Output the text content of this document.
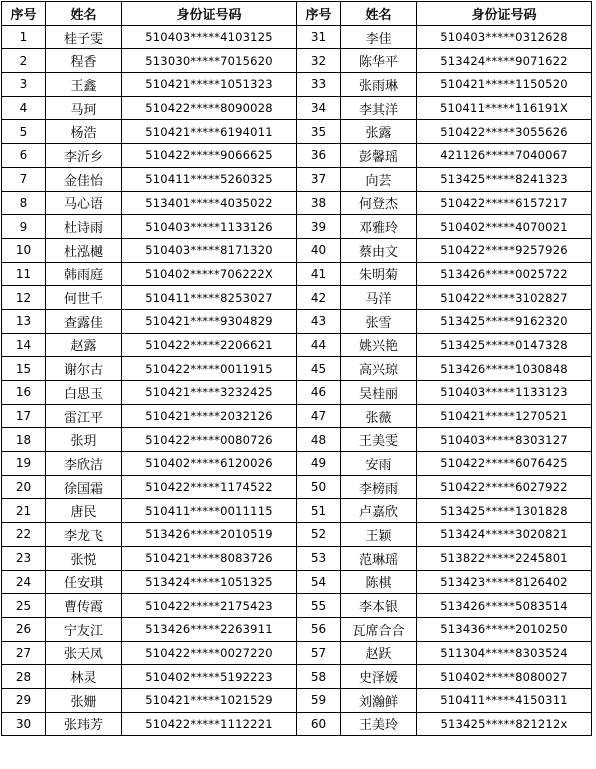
序号	姓名	身份证号码	序号	姓名	身份证号码
1	桂子雯	510403*****4103125	31	李佳	510403*****0312628
2	程香	513030*****7015620	32	陈华平	513424*****9071622
3	王鑫	510421*****1051323	33	张雨琳	510421*****1150520
4	马珂	510422*****8090028	34	李其洋	510411*****116191X
5	杨浩	510421*****6194011	35	张露	510422*****3055626
6	李沂乡	510422*****9066625	36	彭馨瑶	421126*****7040067
7	金佳怡	510411*****5260325	37	向芸	513425*****8241323
8	马心语	513401*****4035022	38	何登杰	510422*****6157217
9	杜诗雨	510403*****1133126	39	邓雅玲	510402*****4070021
10	杜泓樾	510403*****8171320	40	蔡由文	510422*****9257926
11	韩雨庭	510402*****706222X	41	朱明菊	513426*****0025722
12	何世千	510411*****8253027	42	马洋	510422*****3102827
13	查露佳	510421*****9304829	43	张雪	513425*****9162320
14	赵露	510422*****2206621	44	姚兴艳	513425*****0147328
15	谢尔古	510422*****0011915	45	高兴琼	513426*****1030848
16	白思玉	510421*****3232425	46	吴桂丽	510403*****1133123
17	雷江平	510421*****2032126	47	张薇	510421*****1270521
18	张玥	510422*****0080726	48	王美雯	510403*****8303127
19	李欣洁	510402*****6120026	49	安雨	510422*****6076425
20	徐国霜	510422*****1174522	50	李榜雨	510422*****6027922
21	唐民	510411*****0011115	51	卢嘉欣	513425*****1301828
22	李龙飞	513426*****2010519	52	王颖	513424*****3020821
23	张悦	510421*****8083726	53	范琳瑶	513822*****2245801
24	任安琪	513424*****1051325	54	陈棋	513423*****8126402
25	曹传霞	510422*****2175423	55	李本银	513426*****5083514
26	宁友江	513426*****2263911	56	瓦席合合	513436*****2010250
27	张天凤	510422*****0027220	57	赵跃	511304*****8303524
28	林灵	510402*****5192223	58	史泽媛	510402*****8080027
29	张姗	510421*****1021529	59	刘瀚鲜	510411*****4150311
30	张玮芳	510422*****1112221	60	王美玲	513425*****821212x
